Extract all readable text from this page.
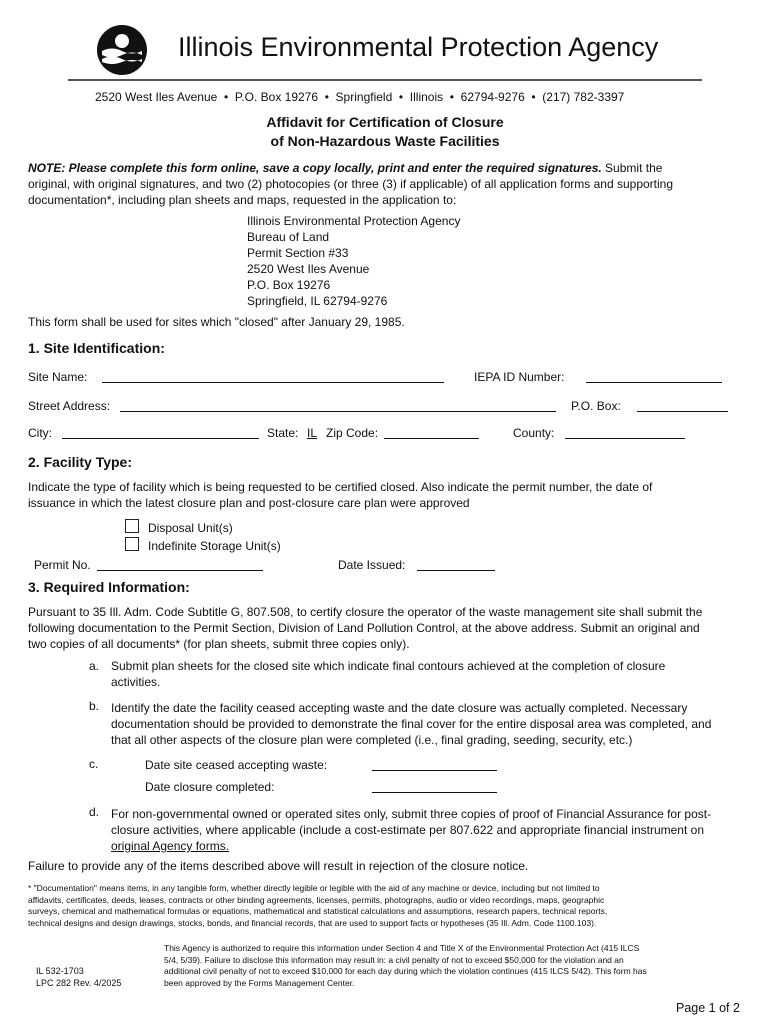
Illinois Environmental Protection Agency
2520 West Iles Avenue  •  P.O. Box 19276  •  Springfield  •  Illinois  •  62794-9276  •  (217) 782-3397
Affidavit for Certification of Closure
of Non-Hazardous Waste Facilities
NOTE: Please complete this form online, save a copy locally, print and enter the required signatures. Submit the
original, with original signatures, and two (2) photocopies (or three (3) if applicable) of all application forms and supporting
documentation*, including plan sheets and maps, requested in the application to:
Illinois Environmental Protection Agency
Bureau of Land
Permit Section #33
2520 West Iles Avenue
P.O. Box 19276
Springfield, IL 62794-9276
This form shall be used for sites which "closed" after January 29, 1985.
1. Site Identification:
Site Name:	IEPA ID Number:
Street Address:	P.O. Box:
City:	State: IL Zip Code:	County:
2. Facility Type:
Indicate the type of facility which is being requested to be certified closed. Also indicate the permit number, the date of
issuance in which the latest closure plan and post-closure care plan were approved
Disposal Unit(s)
Indefinite Storage Unit(s)
Permit No.	Date Issued:
3. Required Information:
Pursuant to 35 Ill. Adm. Code Subtitle G, 807.508, to certify closure the operator of the waste management site shall submit the
following documentation to the Permit Section, Division of Land Pollution Control, at the above address. Submit an original and
two copies of all documents* (for plan sheets, submit three copies only).
a. Submit plan sheets for the closed site which indicate final contours achieved at the completion of closure
activities.
b. Identify the date the facility ceased accepting waste and the date closure was actually completed. Necessary
documentation should be provided to demonstrate the final cover for the entire disposal area was completed, and
that all other aspects of the closure plan were completed (i.e., final grading, seeding, security, etc.)
c.	Date site ceased accepting waste:
Date closure completed:
d. For non-governmental owned or operated sites only, submit three copies of proof of Financial Assurance for post-
closure activities, where applicable (include a cost-estimate per 807.622 and appropriate financial instrument on
original Agency forms.
Failure to provide any of the items described above will result in rejection of the closure notice.
* "Documentation" means items, in any tangible form, whether directly legible or legible with the aid of any machine or device, including but not limited to
affidavits, certificates, deeds, leases, contracts or other binding agreements, licenses, permits, photographs, audio or video recordings, maps, geographic
surveys, chemical and mathematical formulas or equations, mathematical and statistical calculations and assumptions, research papers, technical reports,
technical designs and design drawings, stocks, bonds, and financial records, that are used to support facts or hypotheses (35 Ill. Adm. Code 1100.103).
IL 532-1703
LPC 282 Rev. 4/2025
This Agency is authorized to require this information under Section 4 and Title X of the Environmental Protection Act (415 ILCS
5/4, 5/39). Failure to disclose this information may result in: a civil penalty of not to exceed $50,000 for the violation and an
additional civil penalty of not to exceed $10,000 for each day during which the violation continues (415 ILCS 5/42). This form has
been approved by the Forms Management Center.
Page 1 of 2
